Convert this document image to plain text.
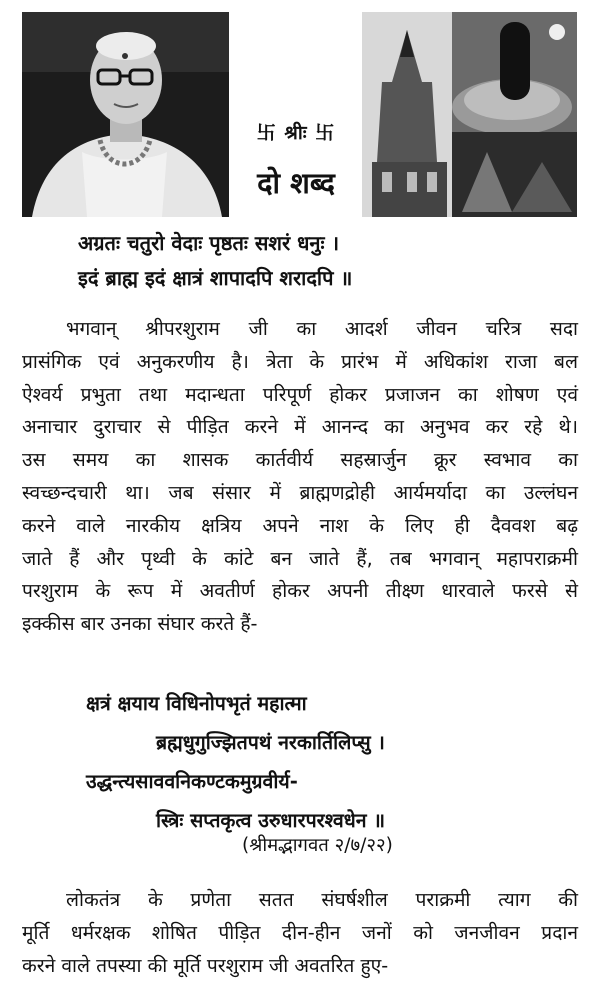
卐 श्रीः 卐
दो शब्द
अग्रतः चतुरो वेदाः पृष्ठतः सशरं धनुः ।
इदं ब्राह्म इदं क्षात्रं शापादपि शरादपि ॥
भगवान् श्रीपरशुराम जी का आदर्श जीवन चरित्र सदा
प्रासंगिक एवं अनुकरणीय है। त्रेता के प्रारंभ में अधिकांश राजा बल
ऐश्वर्य प्रभुता तथा मदान्धता परिपूर्ण होकर प्रजाजन का शोषण एवं
अनाचार दुराचार से पीड़ित करने में आनन्द का अनुभव कर रहे थे।
उस समय का शासक कार्तवीर्य सहस्रार्जुन क्रूर स्वभाव का
स्वच्छन्दचारी था। जब संसार में ब्राह्मणद्रोही आर्यमर्यादा का उल्लंघन
करने वाले नारकीय क्षत्रिय अपने नाश के लिए ही दैववश बढ़
जाते हैं और पृथ्वी के कांटे बन जाते हैं, तब भगवान् महापराक्रमी
परशुराम के रूप में अवतीर्ण होकर अपनी तीक्ष्ण धारवाले फरसे से
इक्कीस बार उनका संघार करते हैं-
क्षत्रं क्षयाय विधिनोपभृतं महात्मा
ब्रह्मधुगुज्झितपथं नरकार्तिलिप्सु ।
उद्धन्त्यसाववनिकण्टकमुग्रवीर्य-
स्त्रिः सप्तकृत्व उरुधारपरश्वधेन ॥
(श्रीमद्भागवत २/७/२२)
लोकतंत्र के प्रणेता सतत संघर्षशील पराक्रमी त्याग की
मूर्ति धर्मरक्षक शोषित पीड़ित दीन-हीन जनों को जनजीवन प्रदान
करने वाले तपस्या की मूर्ति परशुराम जी अवतरित हुए-
